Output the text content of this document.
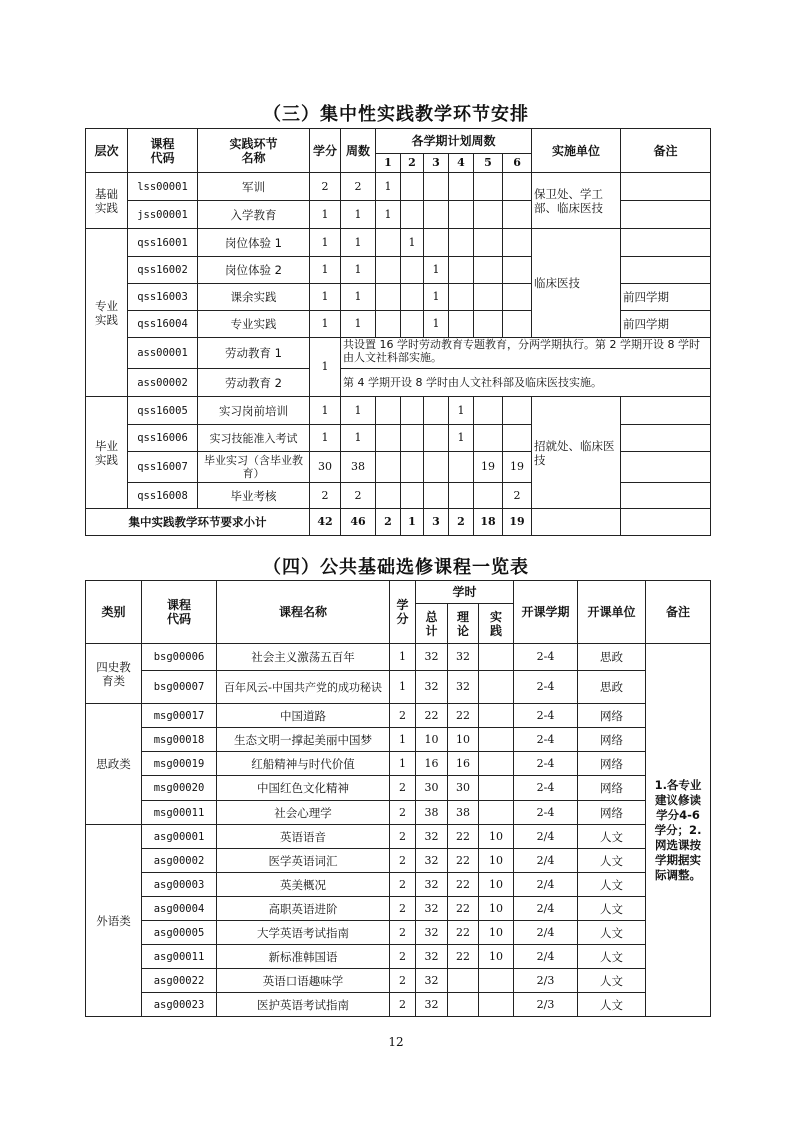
（三）集中性实践教学环节安排
层次	课程代码	实践环节名称	学分	周数	各学期计划周数						实施单位	备注
					1	2	3	4	5	6		
基础实践	lss00001	军训	2	2	1						保卫处、学工部、临床医技	
	jss00001	入学教育	1	1	1							
专业实践	qss16001	岗位体验 1	1	1		1					临床医技	
	qss16002	岗位体验 2	1	1			1					
	qss16003	课余实践	1	1			1					前四学期
	qss16004	专业实践	1	1			1					前四学期
	ass00001	劳动教育 1	1	共设置 16 学时劳动教育专题教育，分两学期执行。第 2 学期开设 8 学时由人文社科部实施。								
	ass00002	劳动教育 2		第 4 学期开设 8 学时由人文社科部及临床医技实施。								
毕业实践	qss16005	实习岗前培训	1	1				1			招就处、临床医技	
	qss16006	实习技能准入考试	1	1				1				
	qss16007	毕业实习（含毕业教育）	30	38					19	19		
	qss16008	毕业考核	2	2						2		
集中实践教学环节要求小计			42	46	2	1	3	2	18	19		
（四）公共基础选修课程一览表
类别	课程代码	课程名称	学分	学时			开课学期	开课单位	备注
				总计	理论	实践			
四史教育类	bsg00006	社会主义激荡五百年	1	32	32		2-4	思政	1.各专业建议修读学分4-6学分；2.网选课按学期据实际调整。
	bsg00007	百年风云-中国共产党的成功秘诀	1	32	32		2-4	思政	
思政类	msg00017	中国道路	2	22	22		2-4	网络	
	msg00018	生态文明一撑起美丽中国梦	1	10	10		2-4	网络	
	msg00019	红船精神与时代价值	1	16	16		2-4	网络	
	msg00020	中国红色文化精神	2	30	30		2-4	网络	
	msg00011	社会心理学	2	38	38		2-4	网络	
外语类	asg00001	英语语音	2	32	22	10	2/4	人文	
	asg00002	医学英语词汇	2	32	22	10	2/4	人文	
	asg00003	英美概况	2	32	22	10	2/4	人文	
	asg00004	高职英语进阶	2	32	22	10	2/4	人文	
	asg00005	大学英语考试指南	2	32	22	10	2/4	人文	
	asg00011	新标准韩国语	2	32	22	10	2/4	人文	
	asg00022	英语口语趣味学	2	32			2/3	人文	
	asg00023	医护英语考试指南	2	32			2/3	人文	
12
